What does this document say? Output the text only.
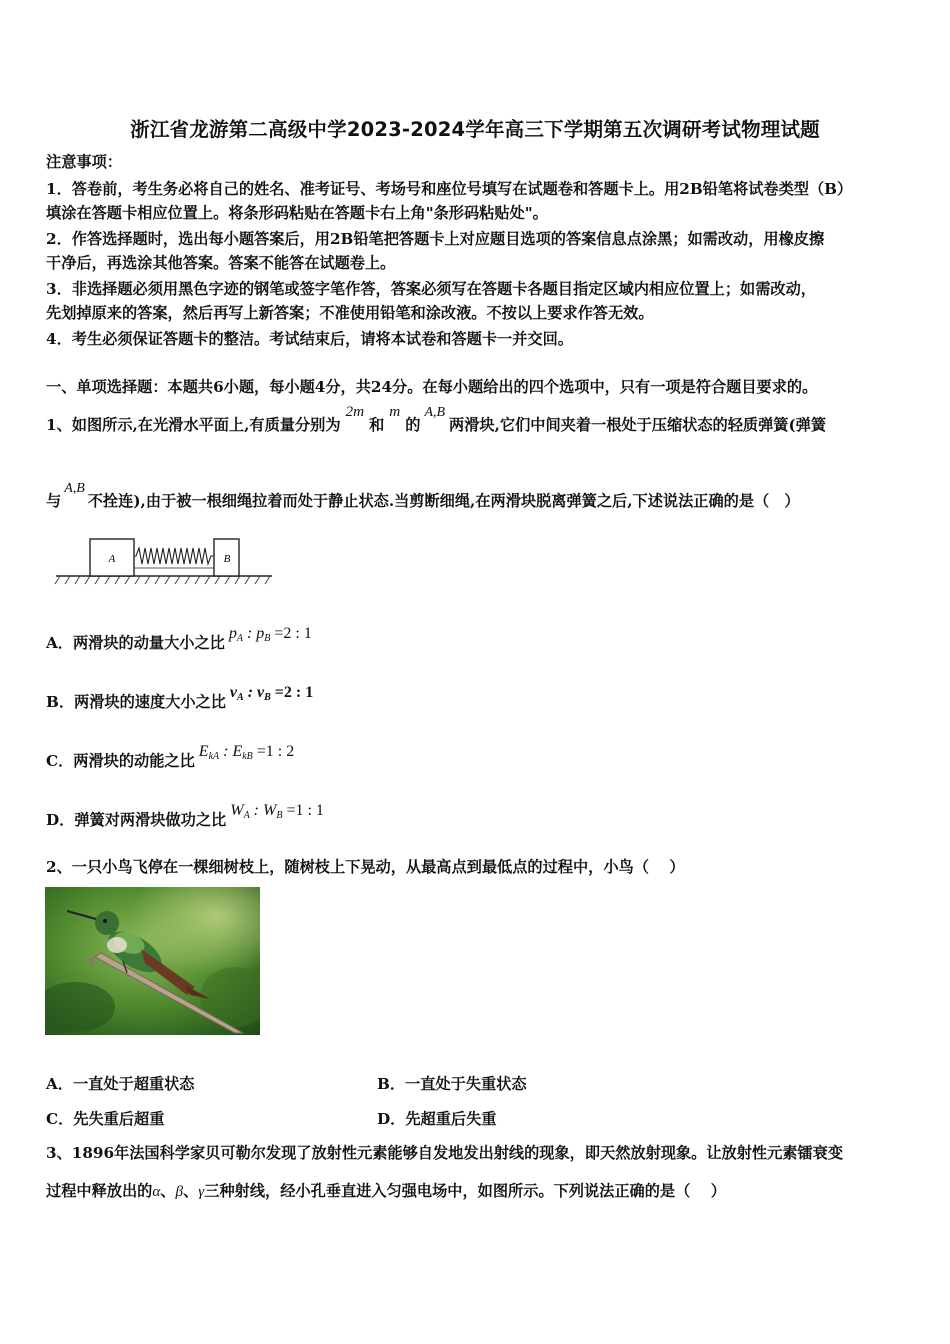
浙江省龙游第二高级中学2023-2024学年高三下学期第五次调研考试物理试题
注意事项：
1．答卷前，考生务必将自己的姓名、准考证号、考场号和座位号填写在试题卷和答题卡上。用2B铅笔将试卷类型（B）
填涂在答题卡相应位置上。将条形码粘贴在答题卡右上角"条形码粘贴处"。
2．作答选择题时，选出每小题答案后，用2B铅笔把答题卡上对应题目选项的答案信息点涂黑；如需改动，用橡皮擦
干净后，再选涂其他答案。答案不能答在试题卷上。
3．非选择题必须用黑色字迹的钢笔或签字笔作答，答案必须写在答题卡各题目指定区域内相应位置上；如需改动，
先划掉原来的答案，然后再写上新答案；不准使用铅笔和涂改液。不按以上要求作答无效。
4．考生必须保证答题卡的整洁。考试结束后，请将本试卷和答题卡一并交回。
一、单项选择题：本题共6小题，每小题4分，共24分。在每小题给出的四个选项中，只有一项是符合题目要求的。
1、如图所示,在光滑水平面上,有质量分别为2m和m的A,B两滑块,它们中间夹着一根处于压缩状态的轻质弹簧(弹簧
与A,B不拴连),由于被一根细绳拉着而处于静止状态.当剪断细绳,在两滑块脱离弹簧之后,下述说法正确的是（　）
A	B
A．两滑块的动量大小之比$p_A$ : $p_B =2$ : 1
B．两滑块的速度大小之比$v_A$ : $v_B =2$ : 1
C．两滑块的动能之比$E_{kA}$ : $E_{kB} =1$ : 2
D．弹簧对两滑块做功之比$W_A$ : $W_B =1$ : 1
2、一只小鸟飞停在一棵细树枝上，随树枝上下晃动，从最高点到最低点的过程中，小鸟（　 ）
A．一直处于超重状态	B．一直处于失重状态
C．先失重后超重	D．先超重后失重
3、1896年法国科学家贝可勒尔发现了放射性元素能够自发地发出射线的现象，即天然放射现象。让放射性元素镭衰变
过程中释放出的α、β、γ三种射线，经小孔垂直进入匀强电场中，如图所示。下列说法正确的是（　 ）
